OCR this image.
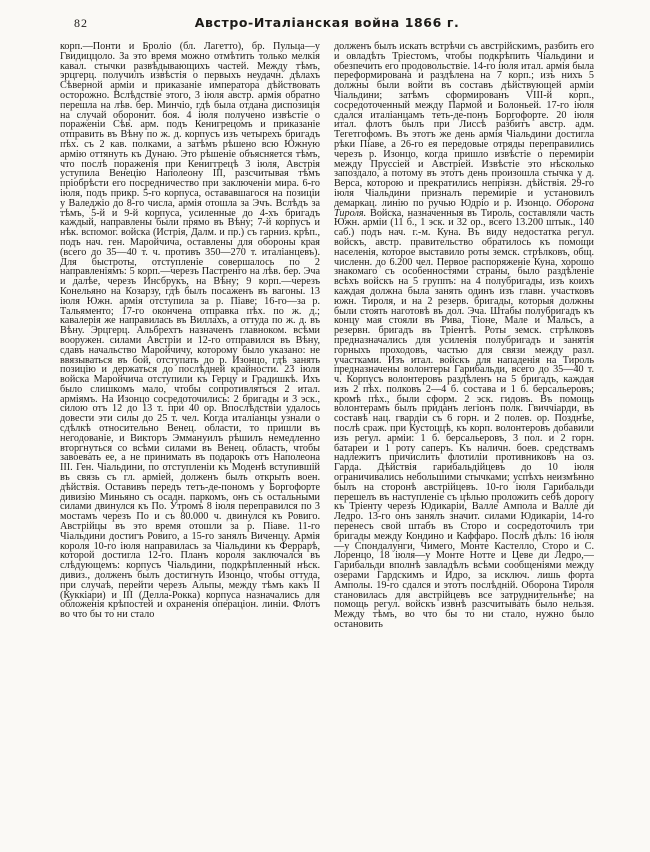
82	Австро-Италіанская война 1866 г.
корп.—Понти и Броліо (бл. Лагетто), бр. Пульца—у Гвидиццоло. За это время можно отмѣтить только мелкія кавал. стычки развѣдывающихъ частей. Между тѣмъ, эрцгерц. получилъ извѣстія о первыхъ неудачн. дѣлахъ Сѣверной арміи и приказаніе императора дѣйствовать осторожно. Вслѣдствіе этого, 3 іюля австр. армія обратно перешла на лѣв. бер. Минчіо, гдѣ была отдана диспозиція на случай оборонит. боя. 4 іюля получено извѣстіе о пораженіи Сѣв. арм. подъ Кенигрецомъ и приказаніе отправить въ Вѣну по ж. д. корпусъ изъ четырехъ бригадъ пѣх. съ 2 кав. полками, а затѣмъ рѣшено всю Южную армію оттянуть къ Дунаю. Это рѣшеніе объясняется тѣмъ, что послѣ пораженія при Кениггрецѣ 3 іюля, Австрія уступила Венецію Наполеону III, разсчитывая тѣмъ пріобрѣсти его посредничество при заключеніи мира. 6-го іюля, подъ прикр. 5-го корпуса, остававшагося на позиціи у Валеджіо до 8-го числа, армія отошла за Эчъ. Вслѣдъ за тѣмъ, 5-й и 9-й корпуса, усиленные до 4-хъ бригадъ каждый, направлены были прямо въ Вѣну; 7-й корпусъ и нѣк. вспомог. войска (Истрія, Далм. и пр.) съ гарниз. крѣп., подъ нач. ген. Маройчича, оставлены для обороны края (всего до 35—40 т. ч. противъ 350—270 т. италіанцевъ). Для быстроты, отступленіе совершалось по 2 направленіямъ: 5 корп.—черезъ Пастренго на лѣв. бер. Эча и далѣе, черезъ Инсбрукъ, на Вѣну; 9 корп.—черезъ Конельяно на Козарзу, гдѣ былъ посаженъ въ вагоны. 13 іюля Южн. армія отступила за р. Піаве; 16-го—за р. Тальяменто; 17-го окончена отправка пѣх. по ж. д.; кавалерія же направилась въ Виллахъ, а оттуда по ж. д. въ Вѣну. Эрцгерц. Альбрехтъ назначенъ главноком. всѣми вооружен. силами Австріи и 12-го отправился въ Вѣну, сдавъ начальство Маройчичу, которому было указано: не ввязываться въ бой, отступать до р. Изонцо, гдѣ занять позицію и держаться до послѣдней крайности. 23 іюля войска Маройчича отступили къ Герцу и Градишкѣ. Ихъ было слишкомъ мало, чтобы сопротивляться 2 итал. арміямъ. На Изонцо сосредоточились: 2 бригады и 3 эск., силою отъ 12 до 13 т. при 40 ор. Впослѣдствіи удалось довести эти силы до 25 т. чел. Когда италіанцы узнали о сдѣлкѣ относительно Венец. области, то пришли въ негодованіе, и Викторъ Эммануилъ рѣшилъ немедленно вторгнуться со всѣми силами въ Венец. область, чтобы завоевать ее, а не принимать въ подарокъ отъ Наполеона III. Ген. Чіальдини, по отступленіи къ Моденѣ вступившій въ связь съ гл. арміей, долженъ былъ открыть воен. дѣйствія. Оставивъ передъ тетъ-де-пономъ у Боргофорте дивизію Миньяно съ осадн. паркомъ, онъ съ остальными силами двинулся къ По. Утромъ 8 іюля переправился по 3 мостамъ черезъ По и съ 80.000 ч. двинулся къ Ровиго. Австрійцы въ это время отошли за р. Піаве. 11-го Чіальдини достигъ Ровиго, а 15-го занялъ Виченцу. Армія короля 10-го іюля направилась за Чіальдини къ Феррарѣ, которой достигла 12-го. Планъ короля заключался въ слѣдующемъ: корпусъ Чіальдини, подкрѣпленный нѣск. дивиз., долженъ былъ достигнуть Изонцо, чтобы оттуда, при случаѣ, перейти черезъ Альпы, между тѣмъ какъ II (Куккіари) и III (Делла-Рокка) корпуса назначались для обложенія крѣпостей и охраненія операціон. линіи. Флотъ во что бы то ни стало
долженъ былъ искать встрѣчи съ австрійскимъ, разбить его и овладѣть Тріестомъ, чтобы подкрѣпить Чіальдини и обезпечить его продовольствіе. 14-го іюля итал. армія была переформирована и раздѣлена на 7 корп.; изъ нихъ 5 должны были войти въ составъ дѣйствующей арміи Чіальдини; затѣмъ сформированъ VIII-й корп., сосредоточенный между Пармой и Болоньей. 17-го іюля сдался италіанцамъ теть-де-понъ Боргофорте. 20 іюля итал. флотъ былъ при Лиссѣ разбитъ австр. адм. Тегетгофомъ. Въ этотъ же день армія Чіальдини достигла рѣки Піаве, а 26-го ея передовые отряды переправились черезъ р. Изонцо, когда пришло извѣстіе о перемиріи между Пруссіей и Австріей. Извѣстіе это нѣсколько запоздало, а потому въ этотъ день произошла стычка у д. Верса, которою и прекратились непріязн. дѣйствія. 29-го іюля Чіальдини призналъ перемиріе и установилъ демаркац. линію по ручью Юдріо и р. Изонцо. Оборона Тироля. Войска, назначенныя въ Тироль, составляли часть Южн. арміи (11 б., 1 эск. и 32 ор., всего 13.200 штык., 140 саб.) подъ нач. г.-м. Куна. Въ виду недостатка регул. войскъ, австр. правительство обратилось къ помощи населенія, которое выставило роты земск. стрѣлковъ, общ. численн. до 6.200 чел. Первое распоряженіе Куна, хорошо знакомаго съ особенностями страны, было раздѣленіе всѣхъ войскъ на 5 группъ: на 4 полубригады, изъ коихъ каждая должна была занять одинъ изъ главн. участковъ южн. Тироля, и на 2 резерв. бригады, которыя должны были стоять наготовѣ въ дол. Эча. Штабы полубригадъ къ концу мая стояли въ Рива, Тіоне, Мале и Мальсъ, а резервн. бригадъ въ Тріентѣ. Роты земск. стрѣлковъ предназначались для усиленія полубригадъ и занятія горныхъ проходовъ, частью для связи между разл. участками. Изъ итал. войскъ для нападенія на Тироль предназначены волонтеры Гарибальди, всего до 35—40 т. ч. Корпусъ волонтеровъ раздѣленъ на 5 бригадъ, каждая изъ 2 пѣх. полковъ 2—4 б. состава и 1 б. берсальеровъ; кромѣ пѣх., были сформ. 2 эск. гидовъ. Въ помощь волонтерамъ былъ приданъ легіонъ полк. Гвиччіарди, въ составѣ нац. гвардіи съ 6 горн. и 2 полев. ор. Позднѣе, послѣ сраж. при Кустоццѣ, къ корп. волонтеровъ добавили изъ регул. арміи: 1 б. берсальеровъ, 3 пол. и 2 горн. батареи и 1 роту саперъ. Къ наличн. боев. средствамъ надлежитъ причислить флотиліи противниковъ на оз. Гарда. Дѣйствія гарибальдійцевъ до 10 іюля ограничивались небольшими стычками; успѣхъ неизмѣнно былъ на сторонѣ австрійцевъ. 10-го іюля Гарибальди перешелъ въ наступленіе съ цѣлью проложить себѣ дорогу къ Тріенту черезъ Юдикаріи, Валле Ампола и Валле ди Ледро. 13-го онъ занялъ значит. силами Юдикаріи, 14-го перенесъ свой штабъ въ Сторо и сосредоточилъ три бригады между Кондино и Каффаро. Послѣ дѣлъ: 16 іюля—у Спондалунги, Чимего, Монте Кастелло, Сторо и С. Лоренцо, 18 іюля—у Монте Нотте и Цеве ди Ледро,—Гарибальди вполнѣ завладѣлъ всѣми сообщеніями между озерами Гардскимъ и Идро, за исключ. лишь форта Амполы. 19-го сдался и этотъ послѣдній. Оборона Тироля становилась для австрійцевъ все затруднительнѣе; на помощь регул. войскъ извнѣ разсчитывать было нельзя. Между тѣмъ, во что бы то ни стало, нужно было остановить
